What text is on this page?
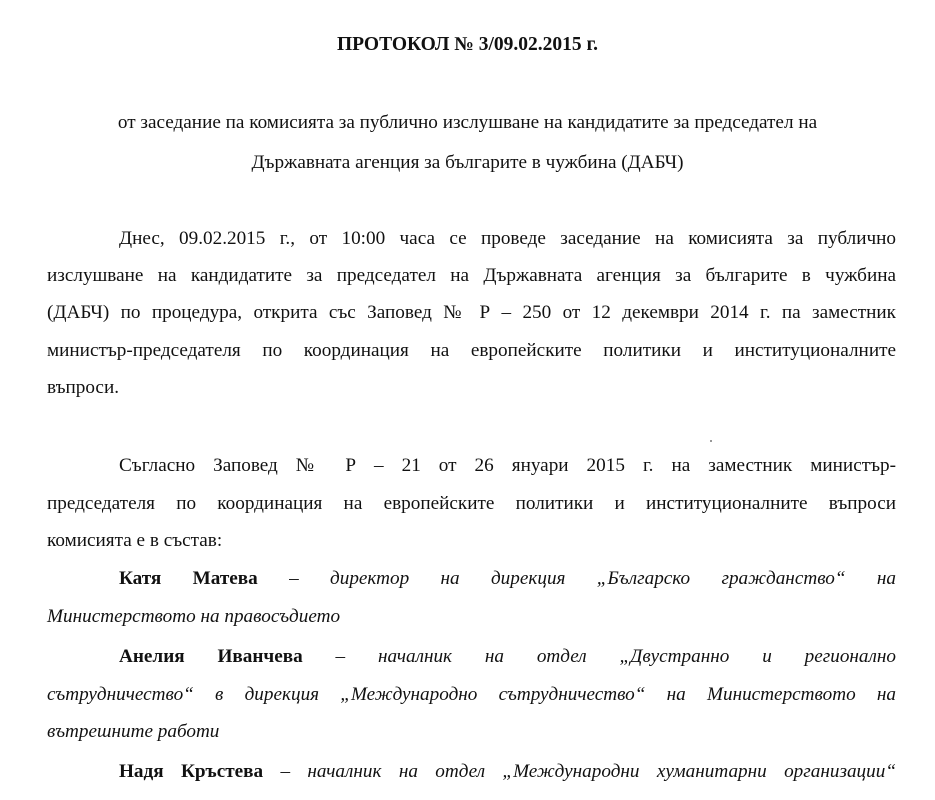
ПРОТОКОЛ № 3/09.02.2015 г.
от заседание па комисията за публично изслушване на кандидатите за председател на
Държавната агенция за българите в чужбина (ДАБЧ)
Днес, 09.02.2015 г., от 10:00 часа се проведе заседание на комисията за публично
изслушване на кандидатите за председател на Държавната агенция за българите в чужбина
(ДАБЧ) по процедура, открита със Заповед № Р – 250 от 12 декември 2014 г. па заместник
министър-председателя по координация на европейските политики и институционалните
въпроси.
Съгласно Заповед № Р – 21 от 26 януари 2015 г. на заместник министър-
председателя по координация на европейските политики и институционалните въпроси
комисията е в състав:
Катя Матева – директор на дирекция „Българско гражданство“ на
Министерството на правосъдието
Анелия Иванчева – началник на отдел „Двустранно и регионално
сътрудничество“ в дирекция „Международно сътрудничество“ на Министерството на
вътрешните работи
Надя Кръстева – началник на отдел „Международни хуманитарни организации“
